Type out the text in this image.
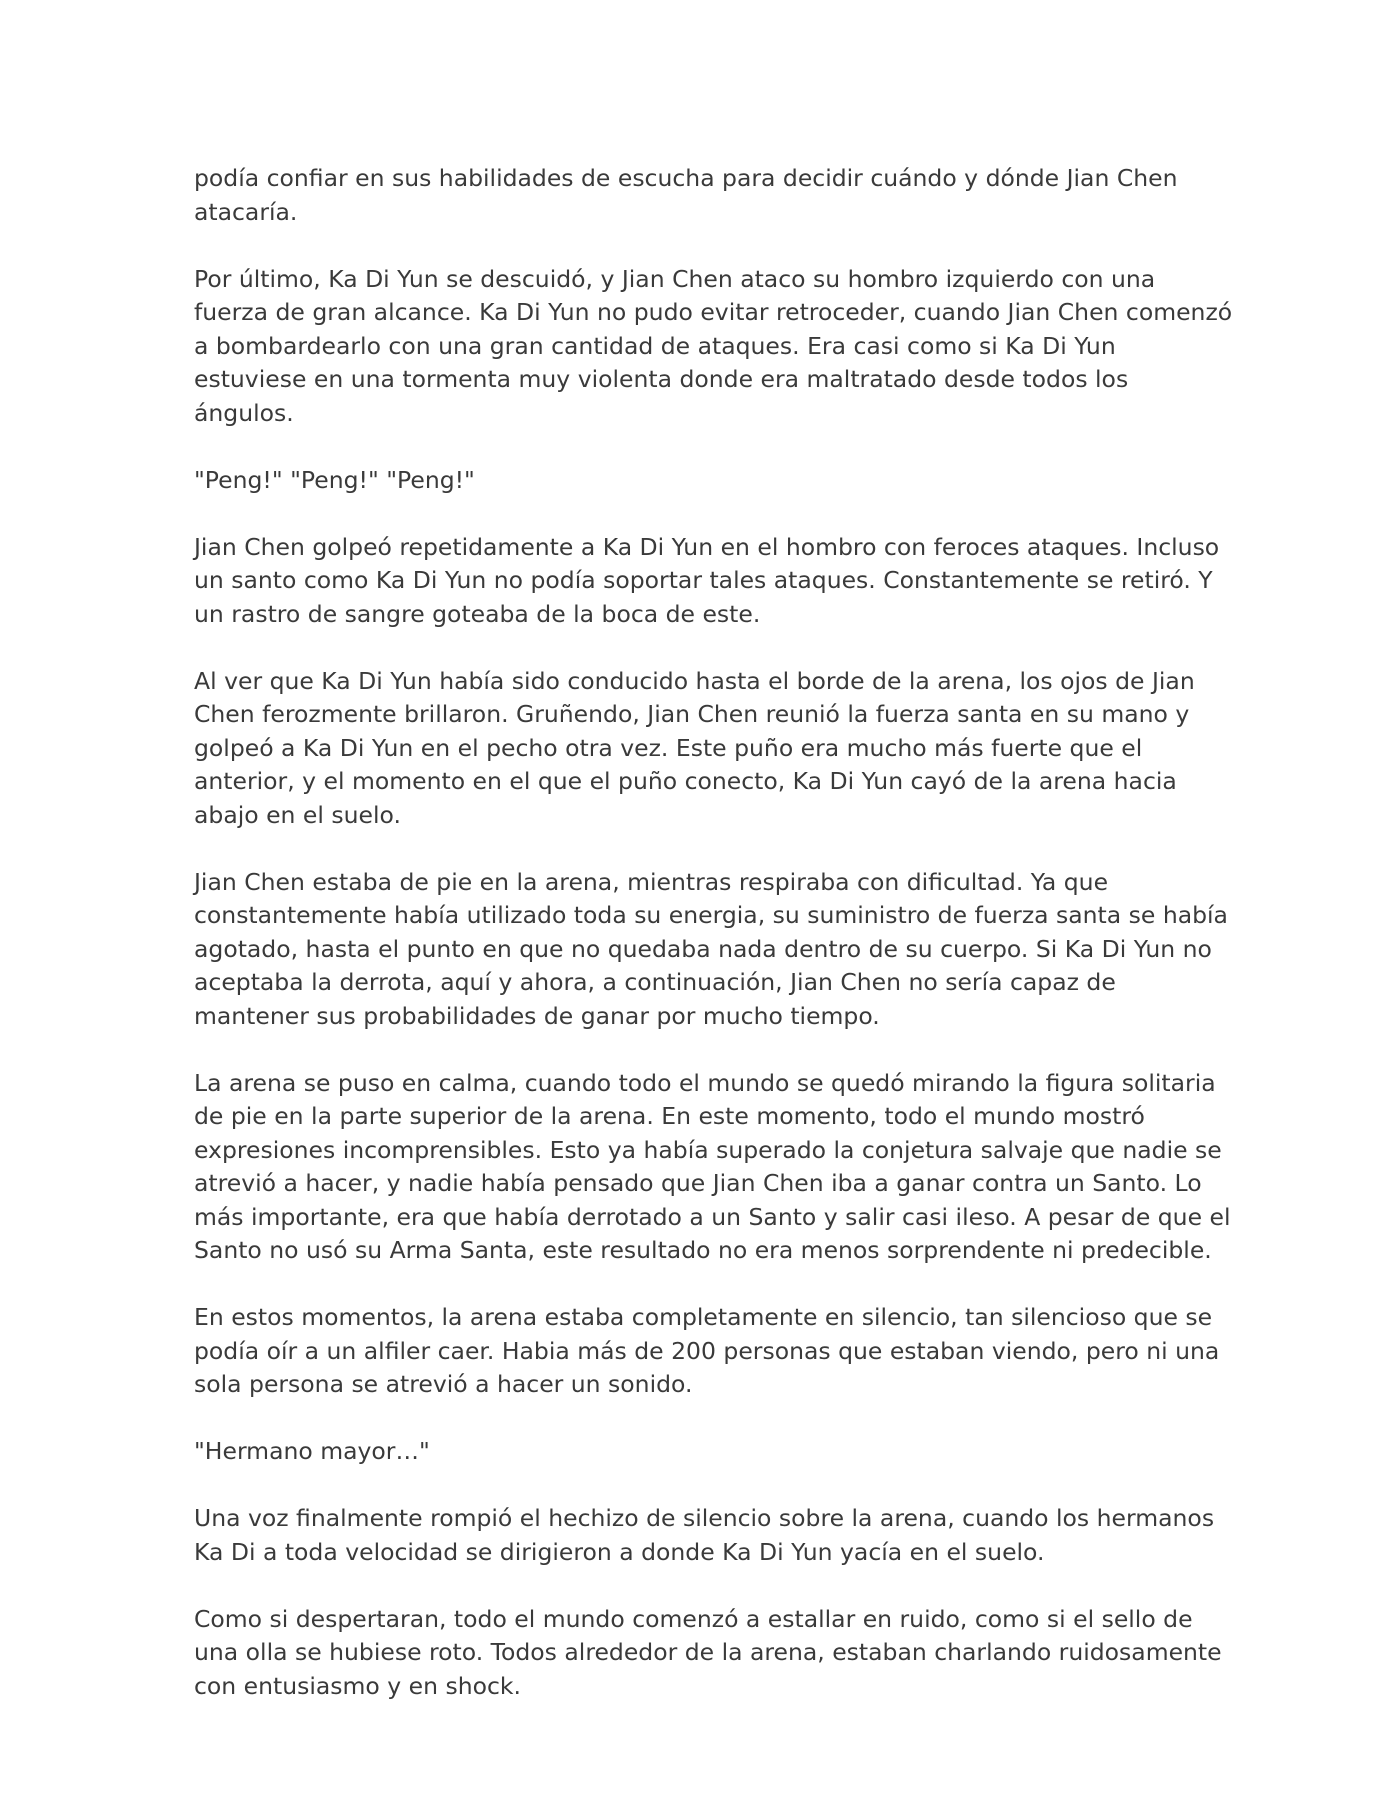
podía confiar en sus habilidades de escucha para decidir cuándo y dónde Jian Chen atacaría.

Por último, Ka Di Yun se descuidó, y Jian Chen ataco su hombro izquierdo con una fuerza de gran alcance. Ka Di Yun no pudo evitar retroceder, cuando Jian Chen comenzó a bombardearlo con una gran cantidad de ataques. Era casi como si Ka Di Yun estuviese en una tormenta muy violenta donde era maltratado desde todos los ángulos.

"Peng!" "Peng!" "Peng!"

Jian Chen golpeó repetidamente a Ka Di Yun en el hombro con feroces ataques. Incluso un santo como Ka Di Yun no podía soportar tales ataques. Constantemente se retiró. Y un rastro de sangre goteaba de la boca de este.

Al ver que Ka Di Yun había sido conducido hasta el borde de la arena, los ojos de Jian Chen ferozmente brillaron. Gruñendo, Jian Chen reunió la fuerza santa en su mano y golpeó a Ka Di Yun en el pecho otra vez. Este puño era mucho más fuerte que el anterior, y el momento en el que el puño conecto, Ka Di Yun cayó de la arena hacia abajo en el suelo.

Jian Chen estaba de pie en la arena, mientras respiraba con dificultad. Ya que constantemente había utilizado toda su energia, su suministro de fuerza santa se había agotado, hasta el punto en que no quedaba nada dentro de su cuerpo. Si Ka Di Yun no aceptaba la derrota, aquí y ahora, a continuación, Jian Chen no sería capaz de mantener sus probabilidades de ganar por mucho tiempo.

La arena se puso en calma, cuando todo el mundo se quedó mirando la figura solitaria de pie en la parte superior de la arena. En este momento, todo el mundo mostró expresiones incomprensibles. Esto ya había superado la conjetura salvaje que nadie se atrevió a hacer, y nadie había pensado que Jian Chen iba a ganar contra un Santo. Lo más importante, era que había derrotado a un Santo y salir casi ileso. A pesar de que el Santo no usó su Arma Santa, este resultado no era menos sorprendente ni predecible.

En estos momentos, la arena estaba completamente en silencio, tan silencioso que se podía oír a un alfiler caer. Habia más de 200 personas que estaban viendo, pero ni una sola persona se atrevió a hacer un sonido.

"Hermano mayor…"

Una voz finalmente rompió el hechizo de silencio sobre la arena, cuando los hermanos Ka Di a toda velocidad se dirigieron a donde Ka Di Yun yacía en el suelo.

Como si despertaran, todo el mundo comenzó a estallar en ruido, como si el sello de una olla se hubiese roto. Todos alrededor de la arena, estaban charlando ruidosamente con entusiasmo y en shock.
